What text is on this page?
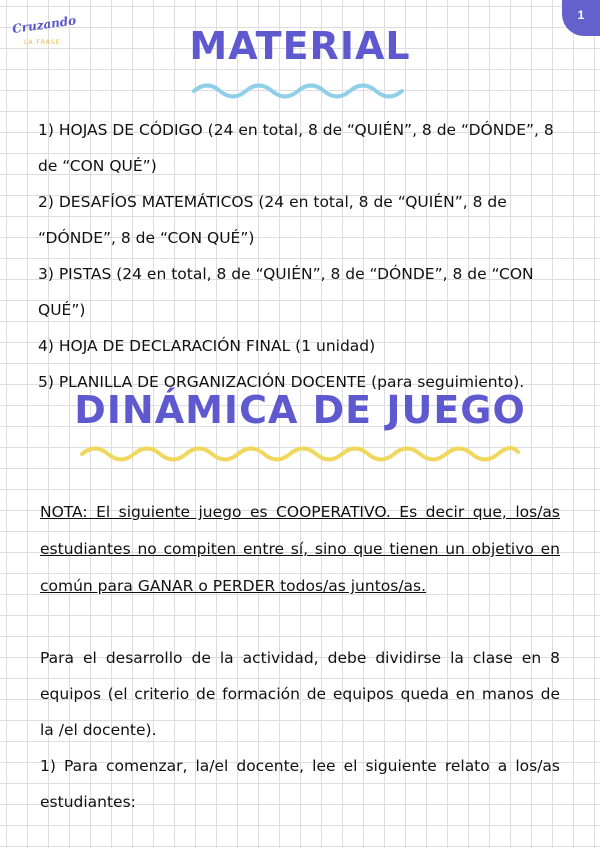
Cruzando
LA FRASE
1
MATERIAL
1) HOJAS DE CÓDIGO (24 en total, 8 de “QUIÉN”, 8 de “DÓNDE”, 8 de “CON QUÉ”)
2) DESAFÍOS MATEMÁTICOS (24 en total, 8 de “QUIÉN”, 8 de “DÓNDE”, 8 de “CON QUÉ”)
3) PISTAS (24 en total, 8 de “QUIÉN”, 8 de “DÓNDE”, 8 de “CON QUÉ”)
4) HOJA DE DECLARACIÓN FINAL (1 unidad)
5) PLANILLA DE ORGANIZACIÓN DOCENTE (para seguimiento).
DINÁMICA DE JUEGO

NOTA: El siguiente juego es COOPERATIVO. Es decir que, los/as estudiantes no compiten entre sí, sino que tienen un objetivo en común para GANAR o PERDER todos/as juntos/as.

Para el desarrollo de la actividad, debe dividirse la clase en 8 equipos (el criterio de formación de equipos queda en manos de la /el docente).

1) Para comenzar, la/el docente, lee el siguiente relato a los/as estudiantes:
